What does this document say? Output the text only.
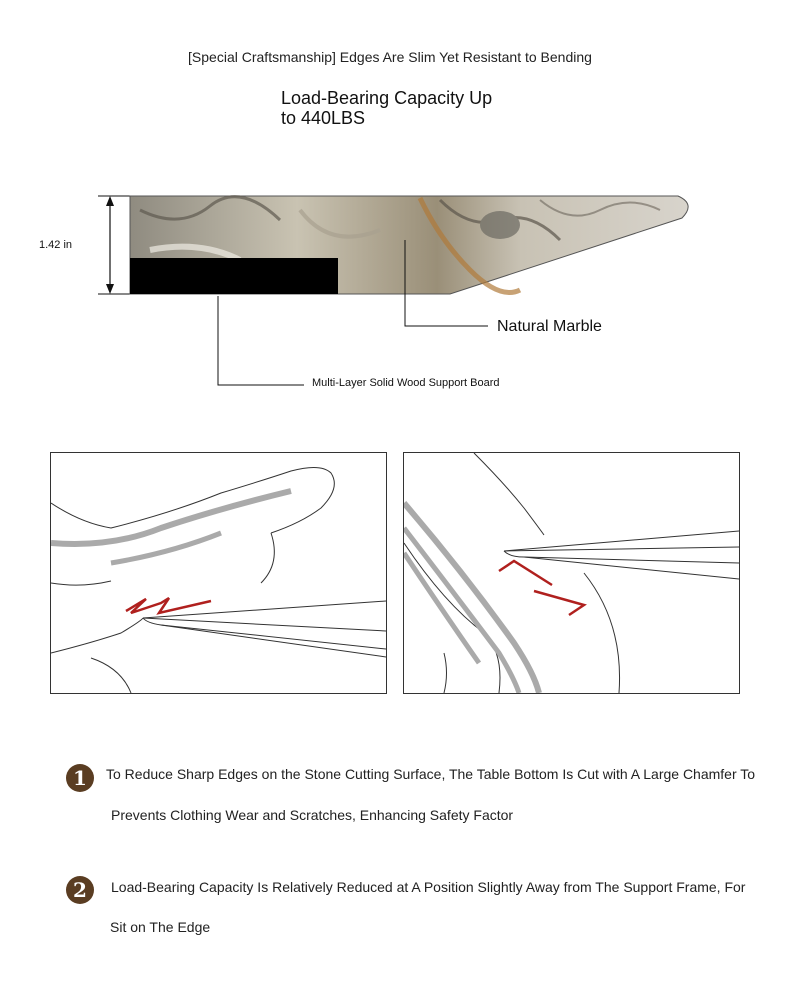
[Special Craftsmanship] Edges Are Slim Yet Resistant to Bending
Load-Bearing Capacity Up
to 440LBS
1.42 in
Natural Marble
Multi-Layer Solid Wood Support Board
1	To Reduce Sharp Edges on the Stone Cutting Surface, The Table Bottom Is Cut with A Large Chamfer To
Prevents Clothing Wear and Scratches, Enhancing Safety Factor
2	Load-Bearing Capacity Is Relatively Reduced at A Position Slightly Away from The Support Frame, For
Sit on The Edge
